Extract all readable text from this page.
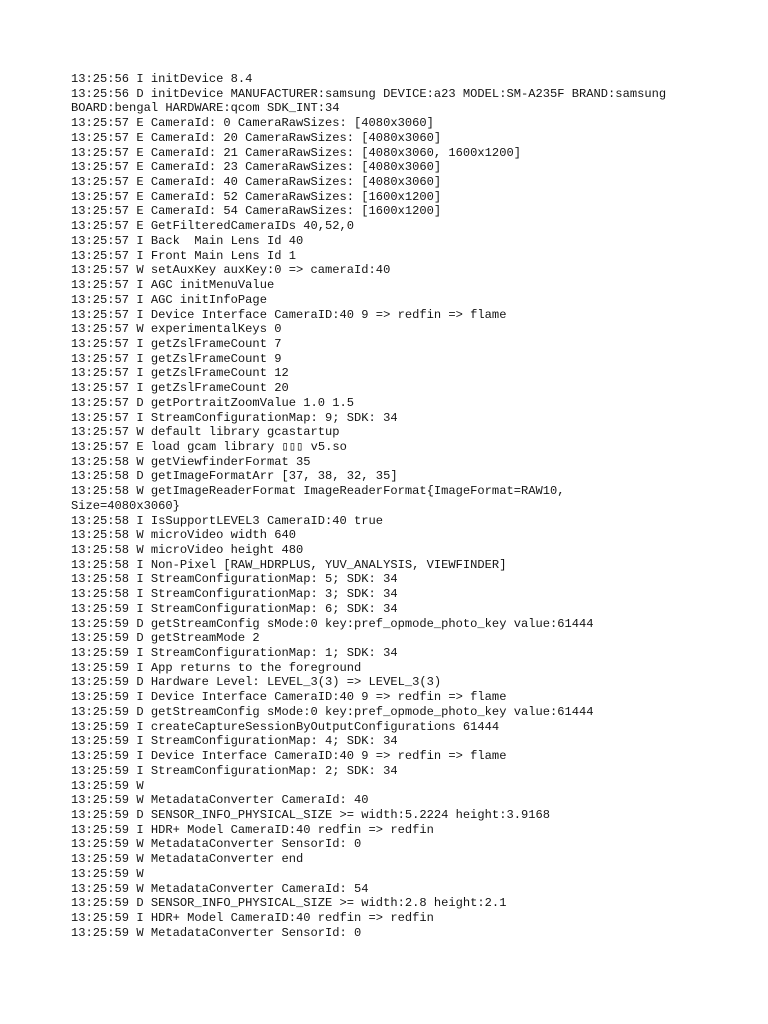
13:25:56 I initDevice 8.4
13:25:56 D initDevice MANUFACTURER:samsung DEVICE:a23 MODEL:SM-A235F BRAND:samsung
BOARD:bengal HARDWARE:qcom SDK_INT:34
13:25:57 E CameraId: 0 CameraRawSizes: [4080x3060]
13:25:57 E CameraId: 20 CameraRawSizes: [4080x3060]
13:25:57 E CameraId: 21 CameraRawSizes: [4080x3060, 1600x1200]
13:25:57 E CameraId: 23 CameraRawSizes: [4080x3060]
13:25:57 E CameraId: 40 CameraRawSizes: [4080x3060]
13:25:57 E CameraId: 52 CameraRawSizes: [1600x1200]
13:25:57 E CameraId: 54 CameraRawSizes: [1600x1200]
13:25:57 E GetFilteredCameraIDs 40,52,0
13:25:57 I Back  Main Lens Id 40
13:25:57 I Front Main Lens Id 1
13:25:57 W setAuxKey auxKey:0 => cameraId:40
13:25:57 I AGC initMenuValue
13:25:57 I AGC initInfoPage
13:25:57 I Device Interface CameraID:40 9 => redfin => flame
13:25:57 W experimentalKeys 0
13:25:57 I getZslFrameCount 7
13:25:57 I getZslFrameCount 9
13:25:57 I getZslFrameCount 12
13:25:57 I getZslFrameCount 20
13:25:57 D getPortraitZoomValue 1.0 1.5
13:25:57 I StreamConfigurationMap: 9; SDK: 34
13:25:57 W default library gcastartup
13:25:57 E load gcam library ▯▯▯ v5.so
13:25:58 W getViewfinderFormat 35
13:25:58 D getImageFormatArr [37, 38, 32, 35]
13:25:58 W getImageReaderFormat ImageReaderFormat{ImageFormat=RAW10,
Size=4080x3060}
13:25:58 I IsSupportLEVEL3 CameraID:40 true
13:25:58 W microVideo width 640
13:25:58 W microVideo height 480
13:25:58 I Non-Pixel [RAW_HDRPLUS, YUV_ANALYSIS, VIEWFINDER]
13:25:58 I StreamConfigurationMap: 5; SDK: 34
13:25:58 I StreamConfigurationMap: 3; SDK: 34
13:25:59 I StreamConfigurationMap: 6; SDK: 34
13:25:59 D getStreamConfig sMode:0 key:pref_opmode_photo_key value:61444
13:25:59 D getStreamMode 2
13:25:59 I StreamConfigurationMap: 1; SDK: 34
13:25:59 I App returns to the foreground
13:25:59 D Hardware Level: LEVEL_3(3) => LEVEL_3(3)
13:25:59 I Device Interface CameraID:40 9 => redfin => flame
13:25:59 D getStreamConfig sMode:0 key:pref_opmode_photo_key value:61444
13:25:59 I createCaptureSessionByOutputConfigurations 61444
13:25:59 I StreamConfigurationMap: 4; SDK: 34
13:25:59 I Device Interface CameraID:40 9 => redfin => flame
13:25:59 I StreamConfigurationMap: 2; SDK: 34
13:25:59 W
13:25:59 W MetadataConverter CameraId: 40
13:25:59 D SENSOR_INFO_PHYSICAL_SIZE >= width:5.2224 height:3.9168
13:25:59 I HDR+ Model CameraID:40 redfin => redfin
13:25:59 W MetadataConverter SensorId: 0
13:25:59 W MetadataConverter end
13:25:59 W
13:25:59 W MetadataConverter CameraId: 54
13:25:59 D SENSOR_INFO_PHYSICAL_SIZE >= width:2.8 height:2.1
13:25:59 I HDR+ Model CameraID:40 redfin => redfin
13:25:59 W MetadataConverter SensorId: 0
